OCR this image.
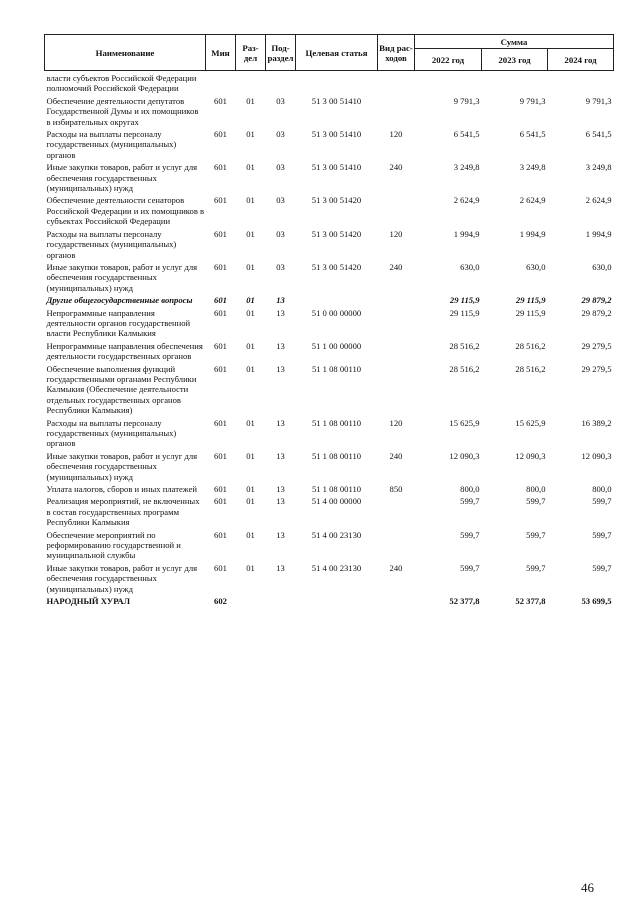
Наименование	Мин	Раз-дел	Под-раздел	Целевая статья	Вид рас-ходов	Сумма		
						2022 год	2023 год	2024 год
власти субъектов Российской Федерации полномочий Российской Федерации								
Обеспечение деятельности депутатов Государственной Думы и их помощников в избирательных округах	601	01	03	51 3 00 51410		9 791,3	9 791,3	9 791,3
Расходы на выплаты персоналу государственных (муниципальных) органов	601	01	03	51 3 00 51410	120	6 541,5	6 541,5	6 541,5
Иные закупки товаров, работ и услуг для обеспечения государственных (муниципальных) нужд	601	01	03	51 3 00 51410	240	3 249,8	3 249,8	3 249,8
Обеспечение деятельности сенаторов Российской Федерации и их помощников в субъектах Российской Федерации	601	01	03	51 3 00 51420		2 624,9	2 624,9	2 624,9
Расходы на выплаты персоналу государственных (муниципальных) органов	601	01	03	51 3 00 51420	120	1 994,9	1 994,9	1 994,9
Иные закупки товаров, работ и услуг для обеспечения государственных (муниципальных) нужд	601	01	03	51 3 00 51420	240	630,0	630,0	630,0
Другие общегосударственные вопросы	601	01	13			29 115,9	29 115,9	29 879,2
Непрограммные направления деятельности органов государственной власти Республики Калмыкия	601	01	13	51 0 00 00000		29 115,9	29 115,9	29 879,2
Непрограммные направления обеспечения деятельности государственных органов	601	01	13	51 1 00 00000		28 516,2	28 516,2	29 279,5
Обеспечение выполнения функций государственными органами Республики Калмыкия (Обеспечение деятельности отдельных государственных органов Республики Калмыкия)	601	01	13	51 1 08 00110		28 516,2	28 516,2	29 279,5
Расходы на выплаты персоналу государственных (муниципальных) органов	601	01	13	51 1 08 00110	120	15 625,9	15 625,9	16 389,2
Иные закупки товаров, работ и услуг для обеспечения государственных (муниципальных) нужд	601	01	13	51 1 08 00110	240	12 090,3	12 090,3	12 090,3
Уплата налогов, сборов и иных платежей	601	01	13	51 1 08 00110	850	800,0	800,0	800,0
Реализация мероприятий, не включенных в состав государственных программ Республики Калмыкия	601	01	13	51 4 00 00000		599,7	599,7	599,7
Обеспечение мероприятий по реформированию государственной и муниципальной службы	601	01	13	51 4 00 23130		599,7	599,7	599,7
Иные закупки товаров, работ и услуг для обеспечения государственных (муниципальных) нужд	601	01	13	51 4 00 23130	240	599,7	599,7	599,7
НАРОДНЫЙ ХУРАЛ	602					52 377,8	52 377,8	53 699,5
46
